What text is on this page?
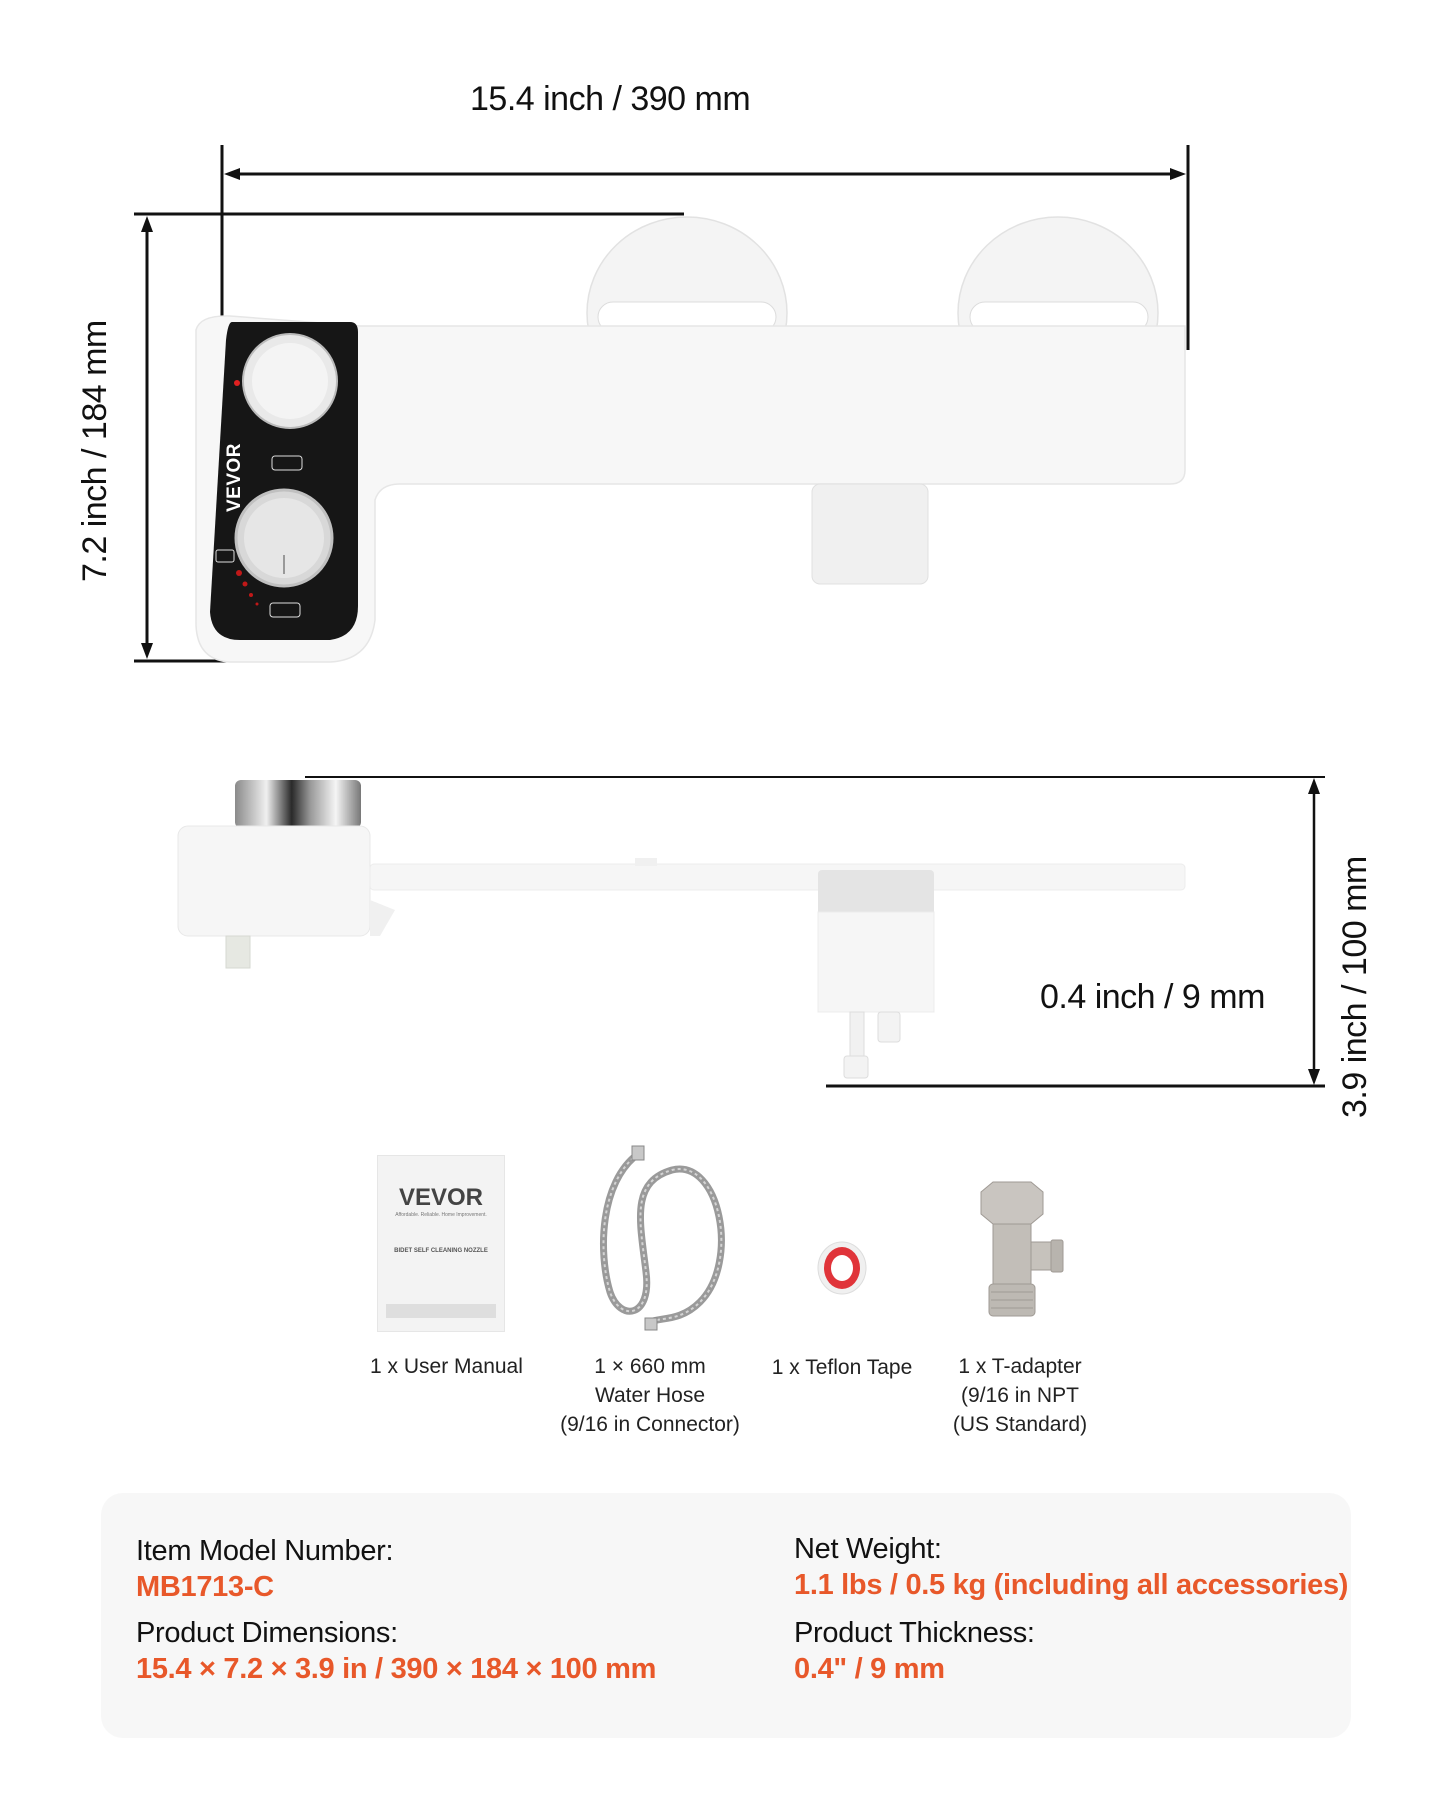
15.4 inch / 390 mm
7.2 inch / 184 mm	VEVOR
0.4 inch / 9 mm 3.9 inch / 100 mm
VEVOR
Affordable. Reliable. Home Improvement.
BIDET SELF CLEANING NOZZLE
1 x User Manual	1 × 660 mm
Water Hose
(9/16 in Connector)
1 x Teflon Tape	1 x T-adapter
(9/16 in NPT
(US Standard)
Item Model Number:
MB1713-C
Product Dimensions:
15.4 × 7.2 × 3.9 in / 390 × 184 × 100 mm
Net Weight:
1.1 lbs / 0.5 kg (including all accessories)
Product Thickness:
0.4" / 9 mm
